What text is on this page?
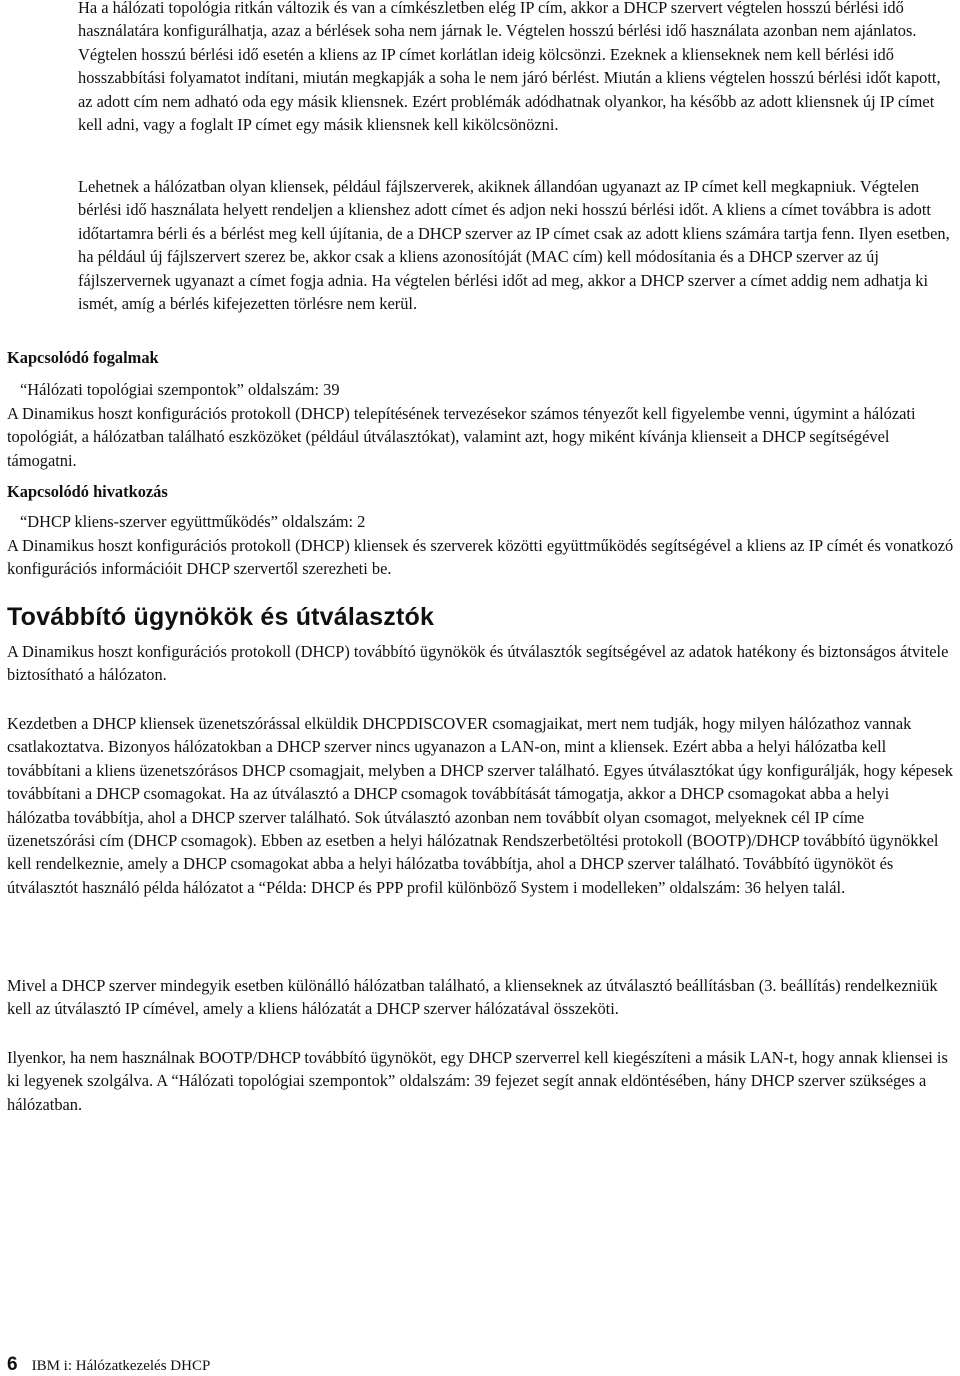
Ha a hálózati topológia ritkán változik és van a címkészletben elég IP cím, akkor a DHCP szervert végtelen hosszú bérlési idő használatára konfigurálhatja, azaz a bérlések soha nem járnak le. Végtelen hosszú bérlési idő használata azonban nem ajánlatos. Végtelen hosszú bérlési idő esetén a kliens az IP címet korlátlan ideig kölcsönzi. Ezeknek a klienseknek nem kell bérlési idő hosszabbítási folyamatot indítani, miután megkapják a soha le nem járó bérlést. Miután a kliens végtelen hosszú bérlési időt kapott, az adott cím nem adható oda egy másik kliensnek. Ezért problémák adódhatnak olyankor, ha később az adott kliensnek új IP címet kell adni, vagy a foglalt IP címet egy másik kliensnek kell kikölcsönözni.

Lehetnek a hálózatban olyan kliensek, például fájlszerverek, akiknek állandóan ugyanazt az IP címet kell megkapniuk. Végtelen bérlési idő használata helyett rendeljen a klienshez adott címet és adjon neki hosszú bérlési időt. A kliens a címet továbbra is adott időtartamra bérli és a bérlést meg kell újítania, de a DHCP szerver az IP címet csak az adott kliens számára tartja fenn. Ilyen esetben, ha például új fájlszervert szerez be, akkor csak a kliens azonosítóját (MAC cím) kell módosítania és a DHCP szerver az új fájlszervernek ugyanazt a címet fogja adnia. Ha végtelen bérlési időt ad meg, akkor a DHCP szerver a címet addig nem adhatja ki ismét, amíg a bérlés kifejezetten törlésre nem kerül.

Kapcsolódó fogalmak

“Hálózati topológiai szempontok” oldalszám: 39

A Dinamikus hoszt konfigurációs protokoll (DHCP) telepítésének tervezésekor számos tényezőt kell figyelembe venni, úgymint a hálózati topológiát, a hálózatban található eszközöket (például útválasztókat), valamint azt, hogy miként kívánja klienseit a DHCP segítségével támogatni.

Kapcsolódó hivatkozás

“DHCP kliens-szerver együttműködés” oldalszám: 2

A Dinamikus hoszt konfigurációs protokoll (DHCP) kliensek és szerverek közötti együttműködés segítségével a kliens az IP címét és vonatkozó konfigurációs információit DHCP szervertől szerezheti be.

Továbbító ügynökök és útválasztók

A Dinamikus hoszt konfigurációs protokoll (DHCP) továbbító ügynökök és útválasztók segítségével az adatok hatékony és biztonságos átvitele biztosítható a hálózaton.

Kezdetben a DHCP kliensek üzenetszórással elküldik DHCPDISCOVER csomagjaikat, mert nem tudják, hogy milyen hálózathoz vannak csatlakoztatva. Bizonyos hálózatokban a DHCP szerver nincs ugyanazon a LAN-on, mint a kliensek. Ezért abba a helyi hálózatba kell továbbítani a kliens üzenetszórásos DHCP csomagjait, melyben a DHCP szerver található. Egyes útválasztókat úgy konfigurálják, hogy képesek továbbítani a DHCP csomagokat. Ha az útválasztó a DHCP csomagok továbbítását támogatja, akkor a DHCP csomagokat abba a helyi hálózatba továbbítja, ahol a DHCP szerver található. Sok útválasztó azonban nem továbbít olyan csomagot, melyeknek cél IP címe üzenetszórási cím (DHCP csomagok). Ebben az esetben a helyi hálózatnak Rendszerbetöltési protokoll (BOOTP)/DHCP továbbító ügynökkel kell rendelkeznie, amely a DHCP csomagokat abba a helyi hálózatba továbbítja, ahol a DHCP szerver található. Továbbító ügynököt és útválasztót használó példa hálózatot a “Példa: DHCP és PPP profil különböző System i modelleken” oldalszám: 36 helyen talál.

Mivel a DHCP szerver mindegyik esetben különálló hálózatban található, a klienseknek az útválasztó beállításban (3. beállítás) rendelkezniük kell az útválasztó IP címével, amely a kliens hálózatát a DHCP szerver hálózatával összeköti.

Ilyenkor, ha nem használnak BOOTP/DHCP továbbító ügynököt, egy DHCP szerverrel kell kiegészíteni a másik LAN-t, hogy annak kliensei is ki legyenek szolgálva. A “Hálózati topológiai szempontok” oldalszám: 39 fejezet segít annak eldöntésében, hány DHCP szerver szükséges a hálózatban.

6 IBM i: Hálózatkezelés DHCP
